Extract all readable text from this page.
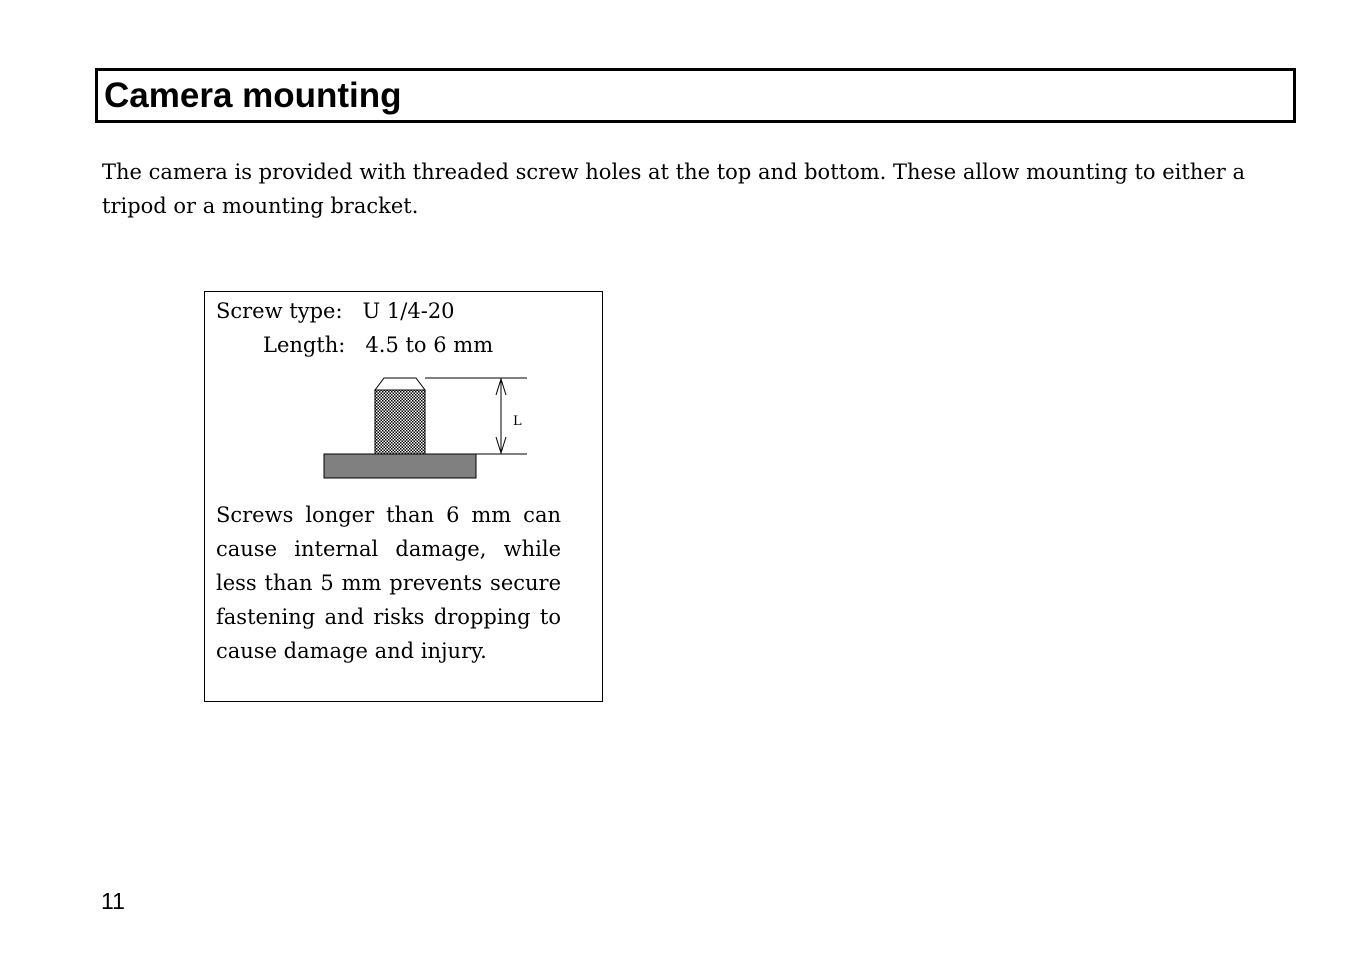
Camera mounting

The camera is provided with threaded screw holes at the top and bottom. These allow mounting to either a tripod or a mounting bracket.

Screw type: U 1/4-20
Length: 4.5 to 6 mm
L

Screws longer than 6 mm can cause internal damage, while less than 5 mm prevents secure fastening and risks dropping to cause damage and injury.

11
